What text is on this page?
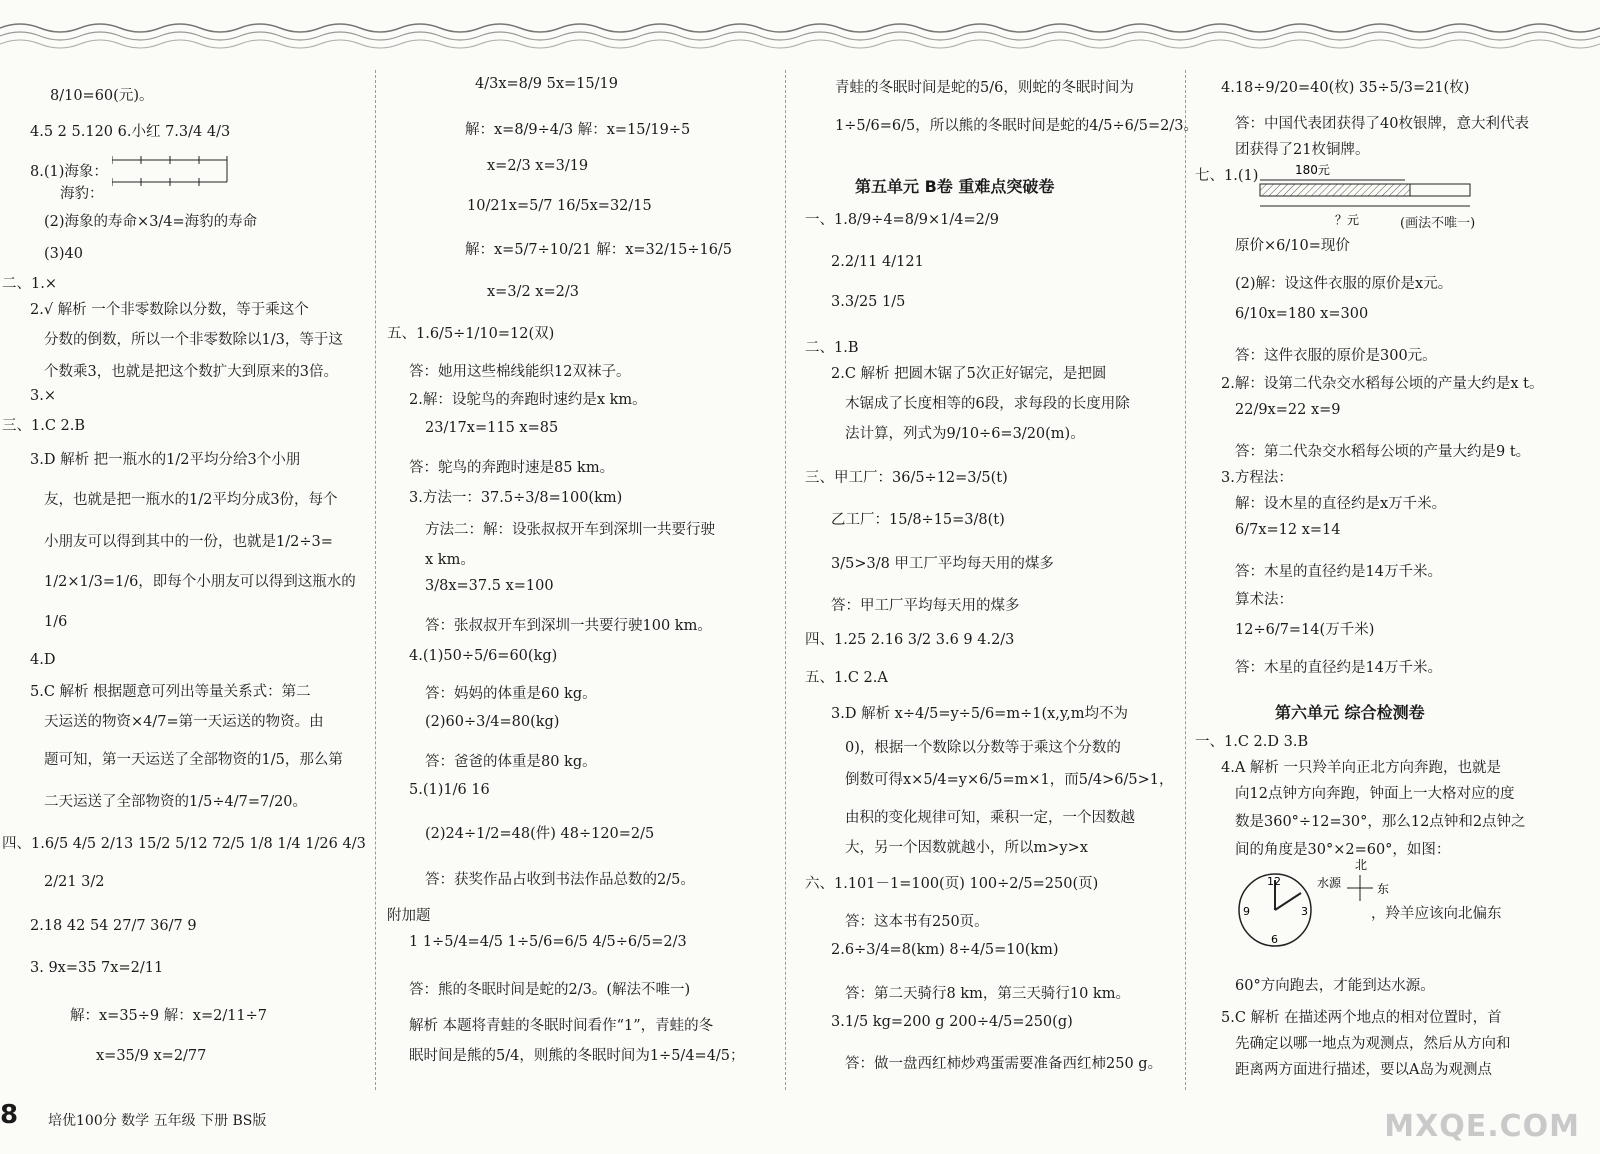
8/10=60(元)。
4.5 2 5.120 6.小红 7.3/4 4/3
8.(1)海象：
海豹：
(2)海象的寿命×3/4=海豹的寿命
(3)40
二、1.×
2.√ 解析 一个非零数除以分数，等于乘这个
分数的倒数，所以一个非零数除以1/3，等于这
个数乘3，也就是把这个数扩大到原来的3倍。
3.×
三、1.C 2.B
3.D 解析 把一瓶水的1/2平均分给3个小朋
友，也就是把一瓶水的1/2平均分成3份，每个
小朋友可以得到其中的一份，也就是1/2÷3=
1/2×1/3=1/6，即每个小朋友可以得到这瓶水的
1/6
4.D
5.C 解析 根据题意可列出等量关系式：第二
天运送的物资×4/7=第一天运送的物资。由
题可知，第一天运送了全部物资的1/5，那么第
二天运送了全部物资的1/5÷4/7=7/20。
四、1.6/5 4/5 2/13 15/2 5/12 72/5 1/8 1/4 1/26 4/3
2/21 3/2
2.18 42 54 27/7 36/7 9
3. 9x=35 7x=2/11
解：x=35÷9 解：x=2/11÷7
x=35/9 x=2/77
4/3x=8/9 5x=15/19
解：x=8/9÷4/3 解：x=15/19÷5
x=2/3 x=3/19
10/21x=5/7 16/5x=32/15
解：x=5/7÷10/21 解：x=32/15÷16/5
x=3/2 x=2/3
五、1.6/5÷1/10=12(双)
答：她用这些棉线能织12双袜子。
2.解：设鸵鸟的奔跑时速约是x km。
23/17x=115 x=85
答：鸵鸟的奔跑时速是85 km。
3.方法一：37.5÷3/8=100(km)
方法二：解：设张叔叔开车到深圳一共要行驶
x km。
3/8x=37.5 x=100
答：张叔叔开车到深圳一共要行驶100 km。
4.(1)50÷5/6=60(kg)
答：妈妈的体重是60 kg。
(2)60÷3/4=80(kg)
答：爸爸的体重是80 kg。
5.(1)1/6 16
(2)24÷1/2=48(件) 48÷120=2/5
答：获奖作品占收到书法作品总数的2/5。
附加题
1 1÷5/4=4/5 1÷5/6=6/5 4/5÷6/5=2/3
答：熊的冬眠时间是蛇的2/3。(解法不唯一)
解析 本题将青蛙的冬眠时间看作“1”，青蛙的冬
眠时间是熊的5/4，则熊的冬眠时间为1÷5/4=4/5；
青蛙的冬眠时间是蛇的5/6，则蛇的冬眠时间为
1÷5/6=6/5，所以熊的冬眠时间是蛇的4/5÷6/5=2/3。
第五单元 B卷 重难点突破卷
一、1.8/9÷4=8/9×1/4=2/9
2.2/11 4/121
3.3/25 1/5
二、1.B
2.C 解析 把圆木锯了5次正好锯完，是把圆
木锯成了长度相等的6段，求每段的长度用除
法计算，列式为9/10÷6=3/20(m)。
三、甲工厂：36/5÷12=3/5(t)
乙工厂：15/8÷15=3/8(t)
3/5>3/8 甲工厂平均每天用的煤多
答：甲工厂平均每天用的煤多
四、1.25 2.16 3/2 3.6 9 4.2/3
五、1.C 2.A
3.D 解析 x÷4/5=y÷5/6=m÷1(x,y,m均不为
0)，根据一个数除以分数等于乘这个分数的
倒数可得x×5/4=y×6/5=m×1，而5/4>6/5>1，
由积的变化规律可知，乘积一定，一个因数越
大，另一个因数就越小，所以m>y>x
六、1.101－1=100(页) 100÷2/5=250(页)
答：这本书有250页。
2.6÷3/4=8(km) 8÷4/5=10(km)
答：第二天骑行8 km，第三天骑行10 km。
3.1/5 kg=200 g 200÷4/5=250(g)
答：做一盘西红柿炒鸡蛋需要准备西红柿250 g。
4.18÷9/20=40(枚) 35÷5/3=21(枚)
答：中国代表团获得了40枚银牌，意大利代表
团获得了21枚铜牌。
七、1.(1)
原价×6/10=现价
(2)解：设这件衣服的原价是x元。
6/10x=180 x=300
答：这件衣服的原价是300元。
2.解：设第二代杂交水稻每公顷的产量大约是x t。
22/9x=22 x=9
答：第二代杂交水稻每公顷的产量大约是9 t。
3.方程法：
解：设木星的直径约是x万千米。
6/7x=12 x=14
答：木星的直径约是14万千米。
算术法：
12÷6/7=14(万千米)
答：木星的直径约是14万千米。
第六单元 综合检测卷
一、1.C 2.D 3.B
4.A 解析 一只羚羊向正北方向奔跑，也就是
向12点钟方向奔跑，钟面上一大格对应的度
数是360°÷12=30°，那么12点钟和2点钟之
间的角度是30°×2=60°，如图：
，羚羊应该向北偏东
60°方向跑去，才能到达水源。
5.C 解析 在描述两个地点的相对位置时，首
先确定以哪一地点为观测点，然后从方向和
距离两方面进行描述，要以A岛为观测点
180元
？元	(画法不唯一)
12
3
6
9
水源
北
东
8 培优100分 数学 五年级 下册 BS版	MXQE.COM
